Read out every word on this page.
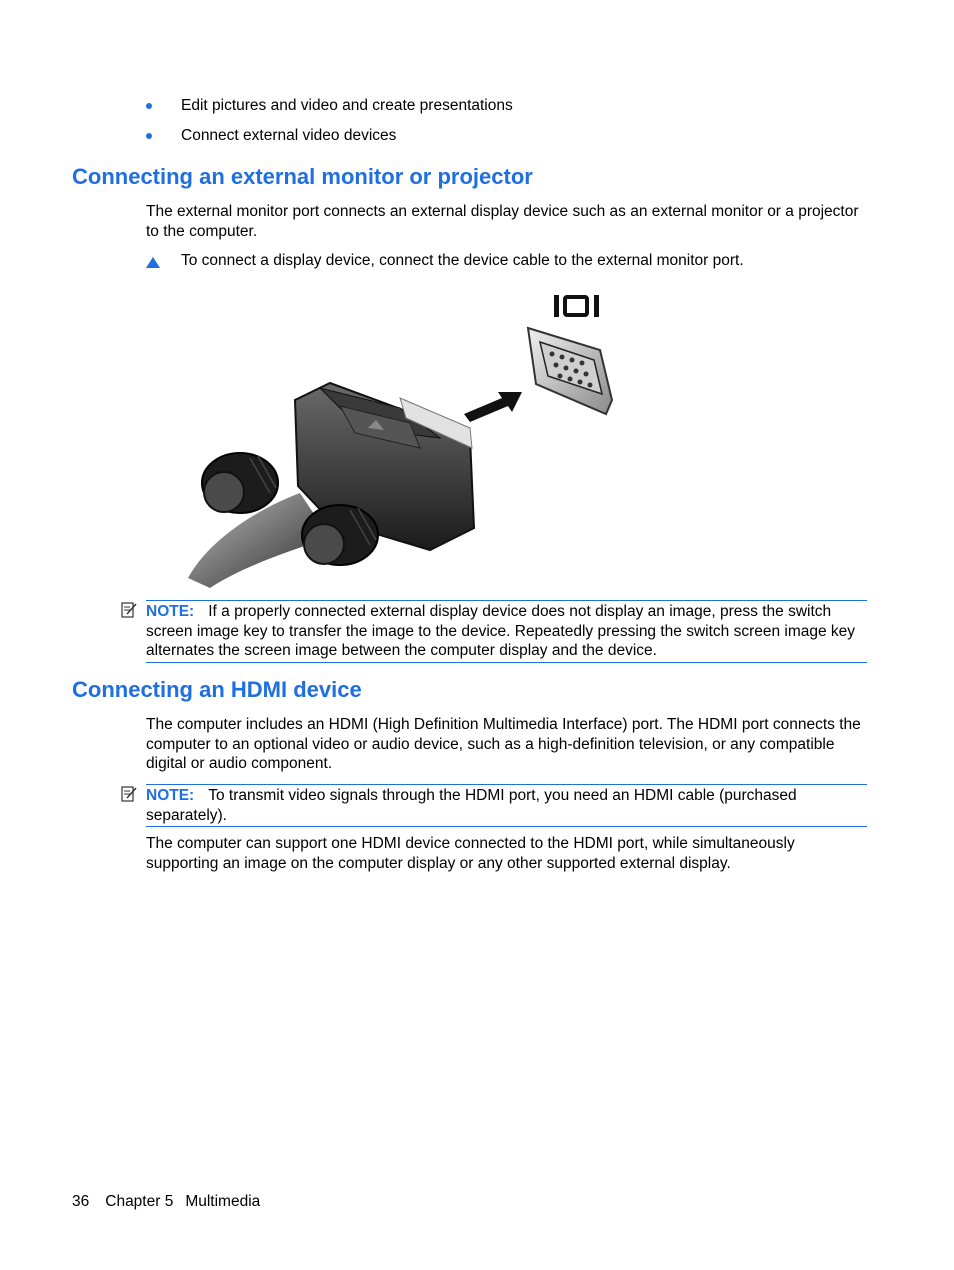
Edit pictures and video and create presentations
Connect external video devices
Connecting an external monitor or projector
The external monitor port connects an external display device such as an external monitor or a projector to the computer.
To connect a display device, connect the device cable to the external monitor port.
NOTE: If a properly connected external display device does not display an image, press the switch screen image key to transfer the image to the device. Repeatedly pressing the switch screen image key alternates the screen image between the computer display and the device.
Connecting an HDMI device
The computer includes an HDMI (High Definition Multimedia Interface) port. The HDMI port connects the computer to an optional video or audio device, such as a high-definition television, or any compatible digital or audio component.
NOTE: To transmit video signals through the HDMI port, you need an HDMI cable (purchased separately).
The computer can support one HDMI device connected to the HDMI port, while simultaneously supporting an image on the computer display or any other supported external display.
36 Chapter 5 Multimedia
